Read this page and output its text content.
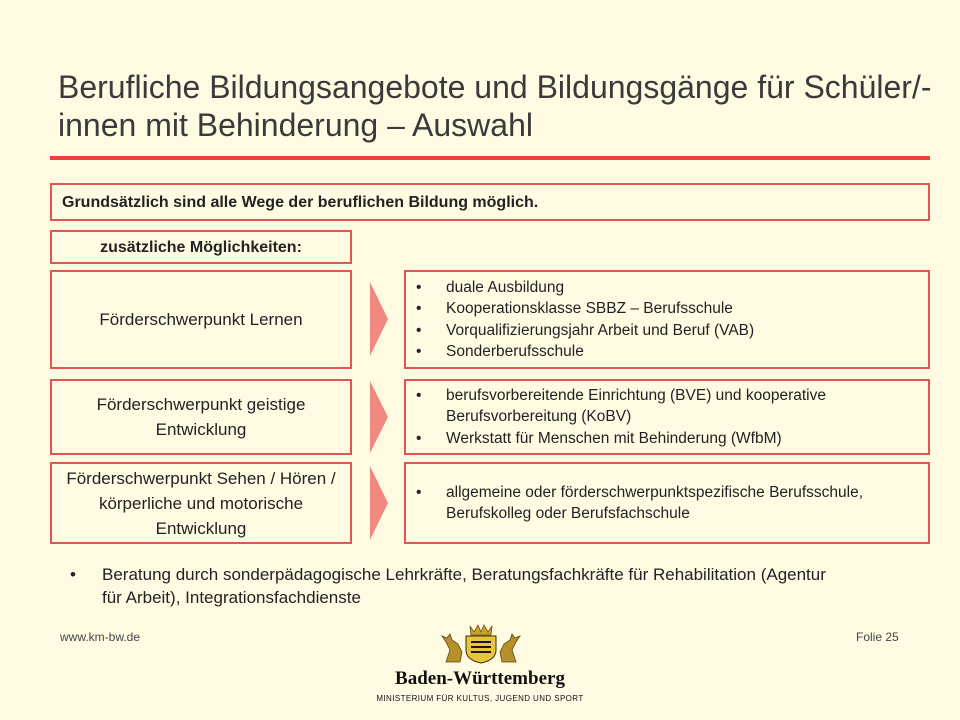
Berufliche Bildungsangebote und Bildungsgänge für Schüler/-innen mit Behinderung – Auswahl
Grundsätzlich sind alle Wege der beruflichen Bildung möglich.
zusätzliche Möglichkeiten:
Förderschwerpunkt Lernen
• duale Ausbildung
• Kooperationsklasse SBBZ – Berufsschule
• Vorqualifizierungsjahr Arbeit und Beruf (VAB)
• Sonderberufsschule
Förderschwerpunkt geistige Entwicklung
• berufsvorbereitende Einrichtung (BVE) und kooperative Berufsvorbereitung (KoBV)
• Werkstatt für Menschen mit Behinderung (WfbM)
Förderschwerpunkt Sehen / Hören / körperliche und motorische Entwicklung
• allgemeine oder förderschwerpunktspezifische Berufsschule, Berufskolleg oder Berufsfachschule
• Beratung durch sonderpädagogische Lehrkräfte, Beratungsfachkräfte für Rehabilitation (Agentur für Arbeit), Integrationsfachdienste
www.km-bw.de	Folie 25
Baden-Württemberg
MINISTERIUM FÜR KULTUS, JUGEND UND SPORT
